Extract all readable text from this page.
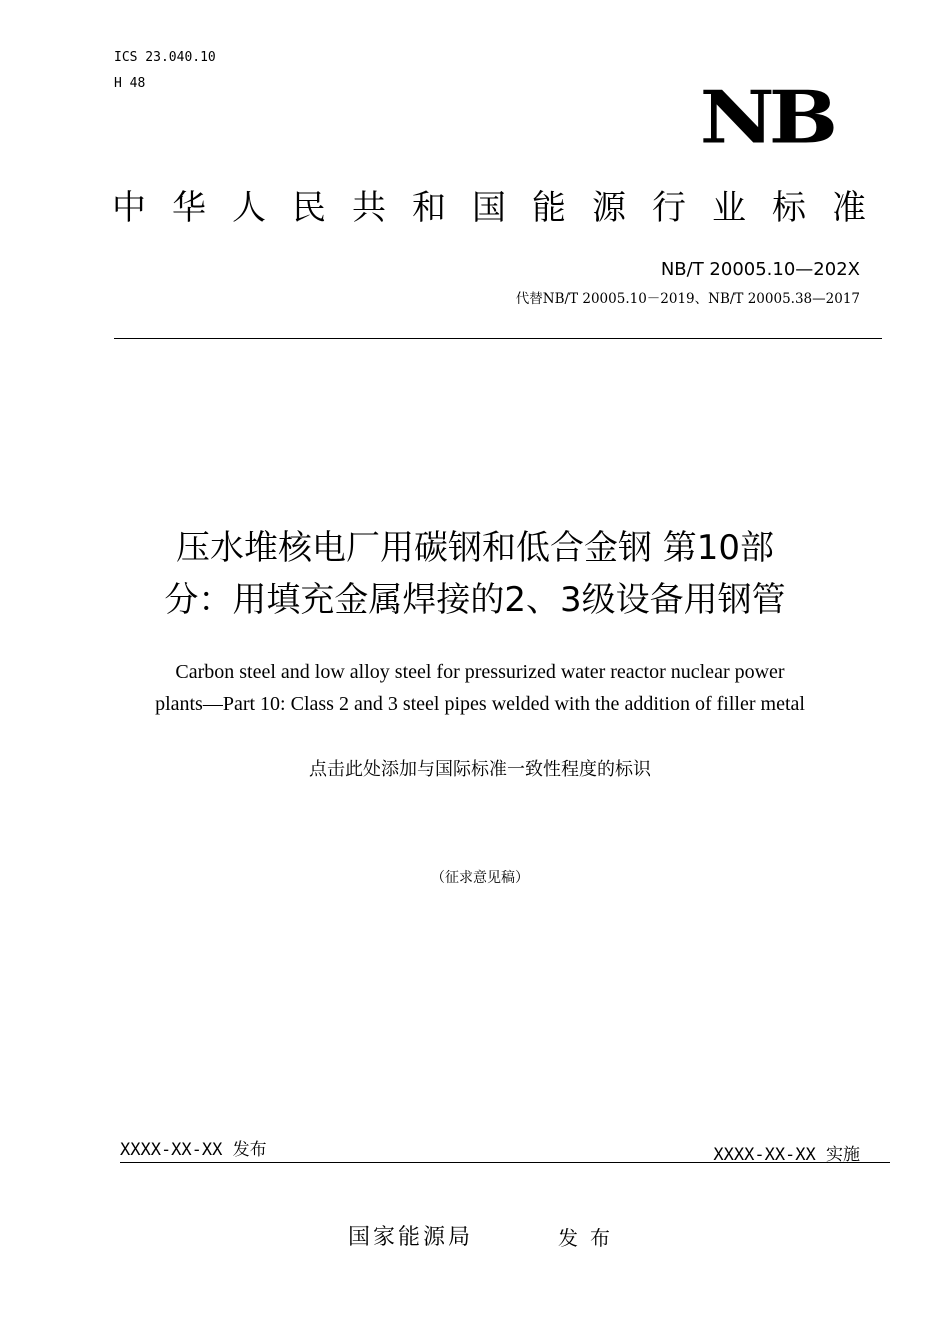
ICS 23.040.10
H 48	NB
中华人民共和国能源行业标准
NB/T 20005.10—202X
代替NB/T 20005.10－2019、NB/T 20005.38—2017
压水堆核电厂用碳钢和低合金钢 第10部
分：用填充金属焊接的2、3级设备用钢管
Carbon steel and low alloy steel for pressurized water reactor nuclear power
plants—Part 10: Class 2 and 3 steel pipes welded with the addition of filler metal
点击此处添加与国际标准一致性程度的标识
（征求意见稿）
XXXX-XX-XX 发布	XXXX-XX-XX 实施
国家能源局	发布
